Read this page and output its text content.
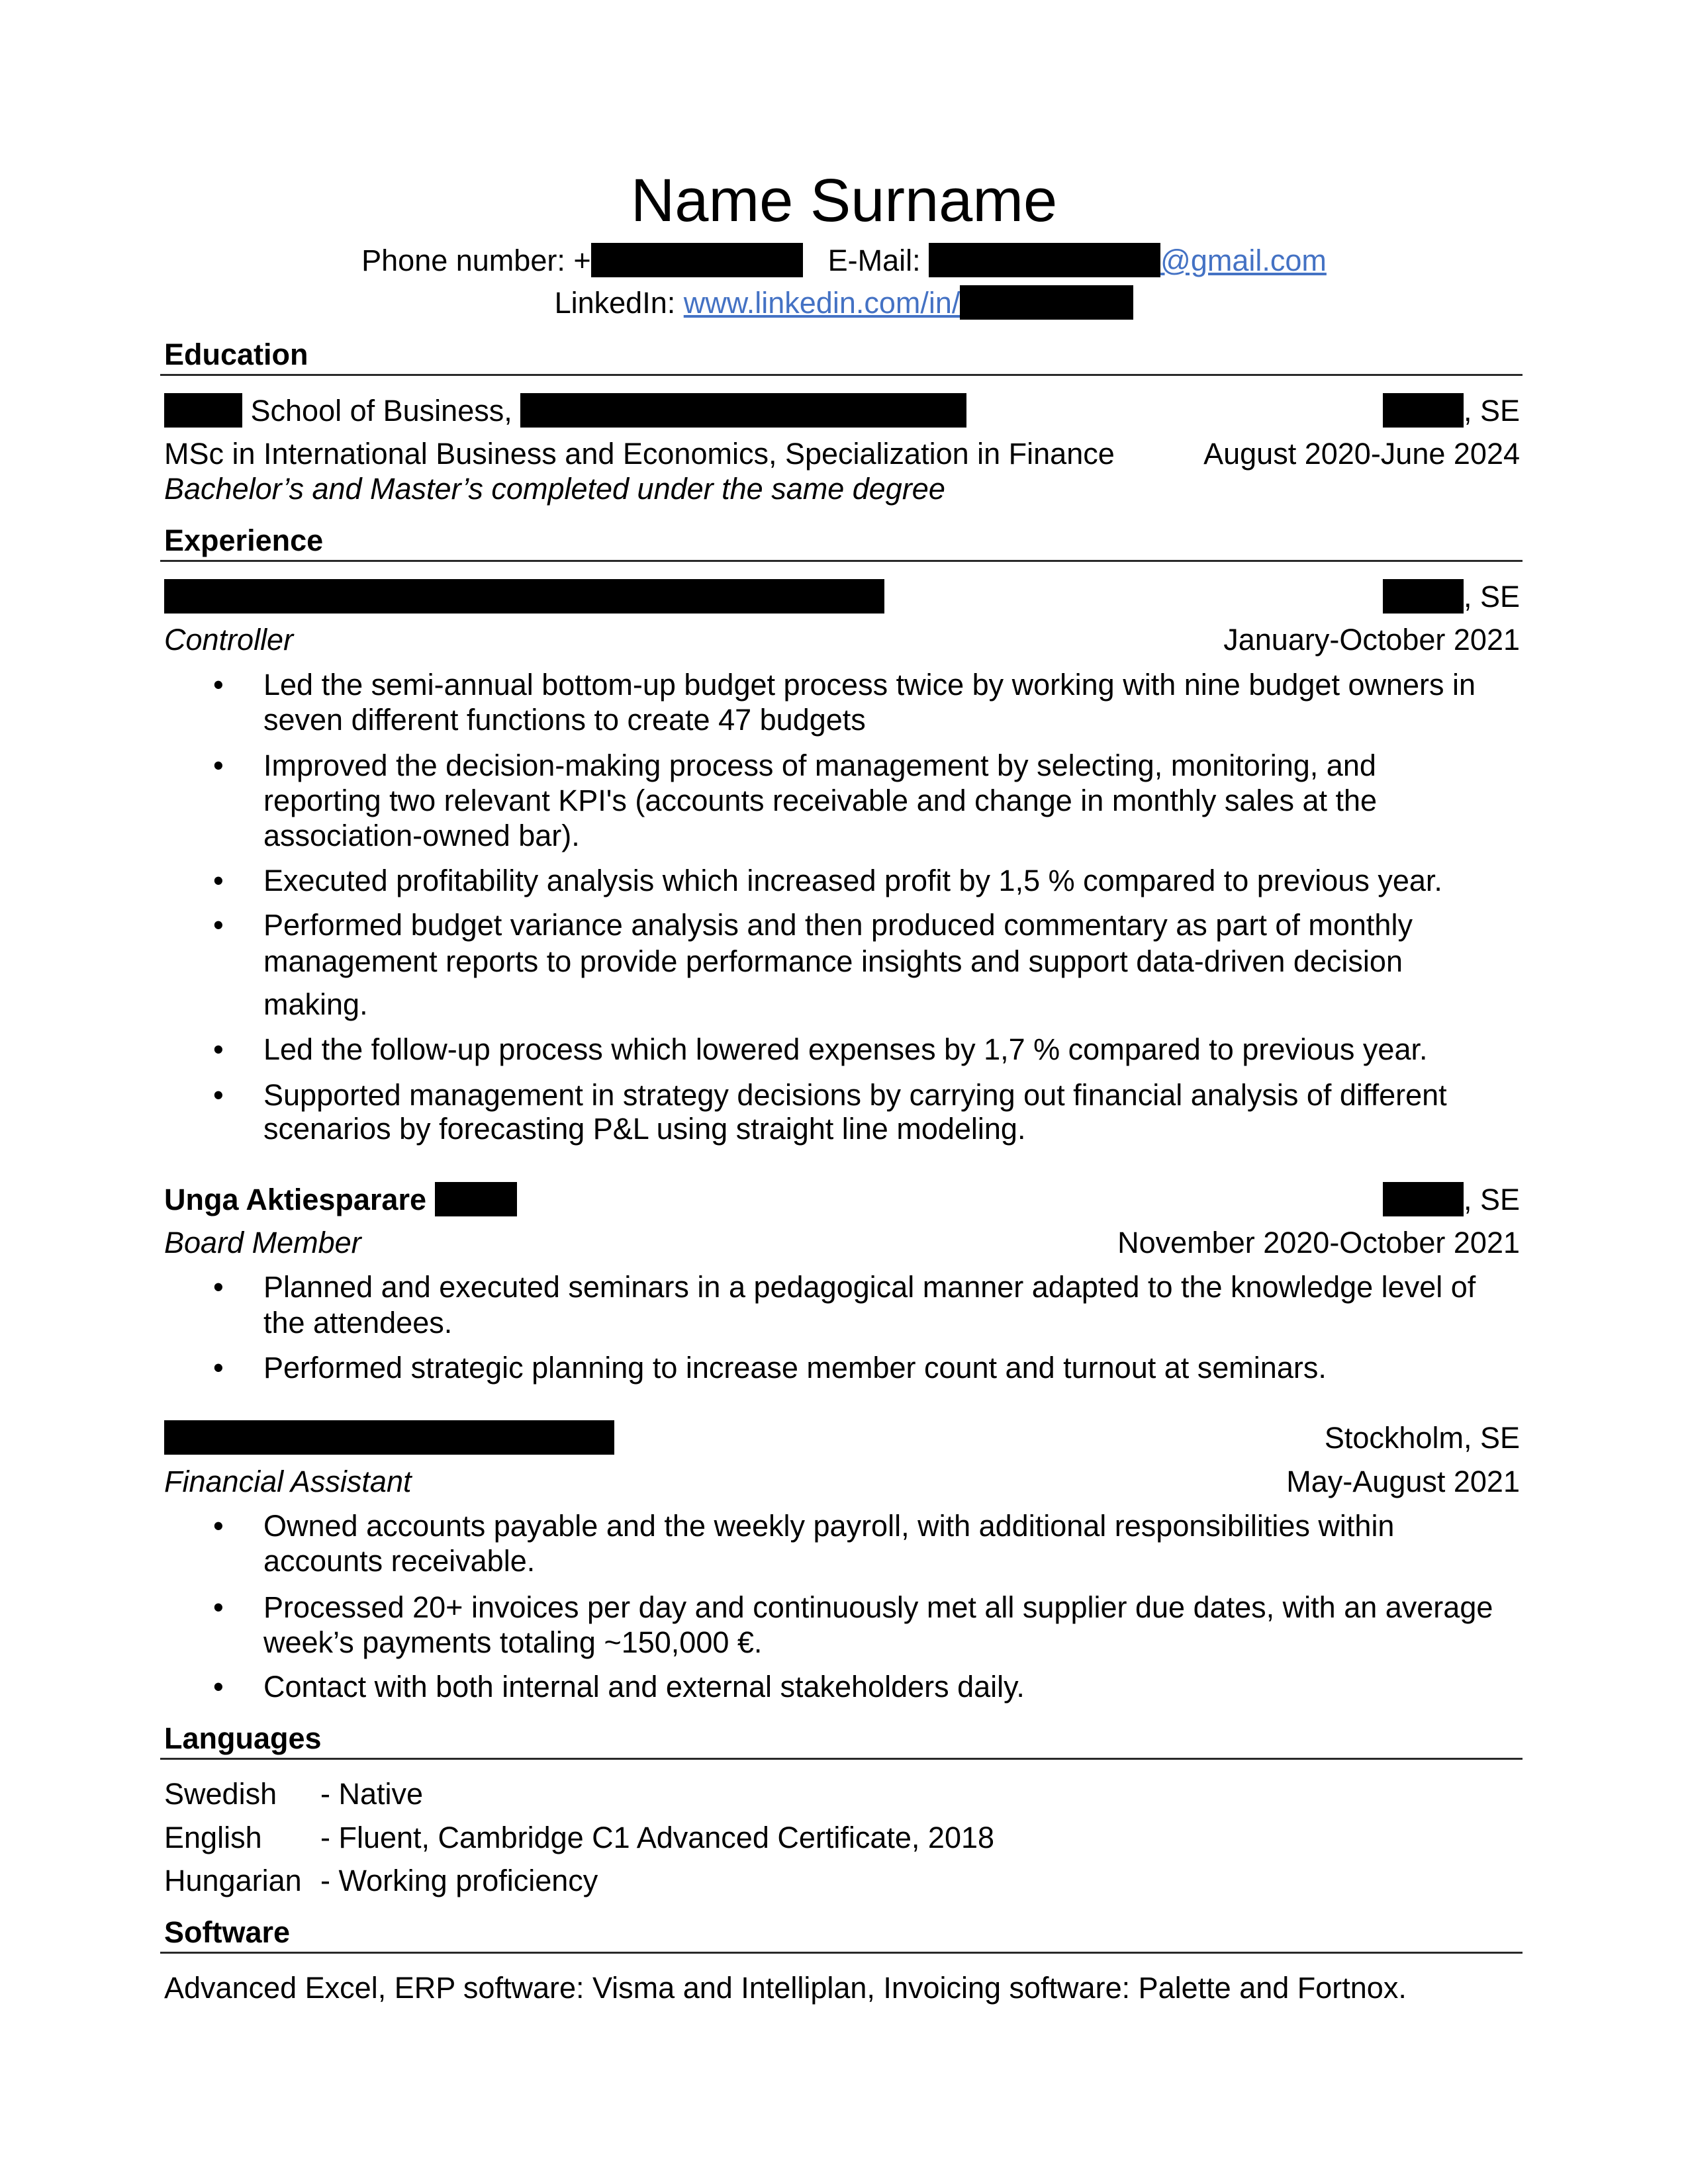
Name Surname
Phone number: +	E-Mail:	@gmail.com
LinkedIn: www.linkedin.com/in/
Education
School of Business,	, SE
MSc in International Business and Economics, Specialization in Finance	August 2020-June 2024
Bachelor’s and Master’s completed under the same degree
Experience
, SE
Controller	January-October 2021
• Led the semi-annual bottom-up budget process twice by working with nine budget owners in
seven different functions to create 47 budgets
• Improved the decision-making process of management by selecting, monitoring, and
reporting two relevant KPI's (accounts receivable and change in monthly sales at the
association-owned bar).
• Executed profitability analysis which increased profit by 1,5 % compared to previous year.
• Performed budget variance analysis and then produced commentary as part of monthly
management reports to provide performance insights and support data-driven decision
making.
• Led the follow-up process which lowered expenses by 1,7 % compared to previous year.
• Supported management in strategy decisions by carrying out financial analysis of different
scenarios by forecasting P&L using straight line modeling.
Unga Aktiesparare	, SE
Board Member	November 2020-October 2021
• Planned and executed seminars in a pedagogical manner adapted to the knowledge level of
the attendees.
• Performed strategic planning to increase member count and turnout at seminars.
Stockholm, SE
Financial Assistant	May-August 2021
• Owned accounts payable and the weekly payroll, with additional responsibilities within
accounts receivable.
• Processed 20+ invoices per day and continuously met all supplier due dates, with an average
week’s payments totaling ~150,000 €.
• Contact with both internal and external stakeholders daily.
Languages
Swedish - Native
English - Fluent, Cambridge C1 Advanced Certificate, 2018
Hungarian - Working proficiency
Software
Advanced Excel, ERP software: Visma and Intelliplan, Invoicing software: Palette and Fortnox.
